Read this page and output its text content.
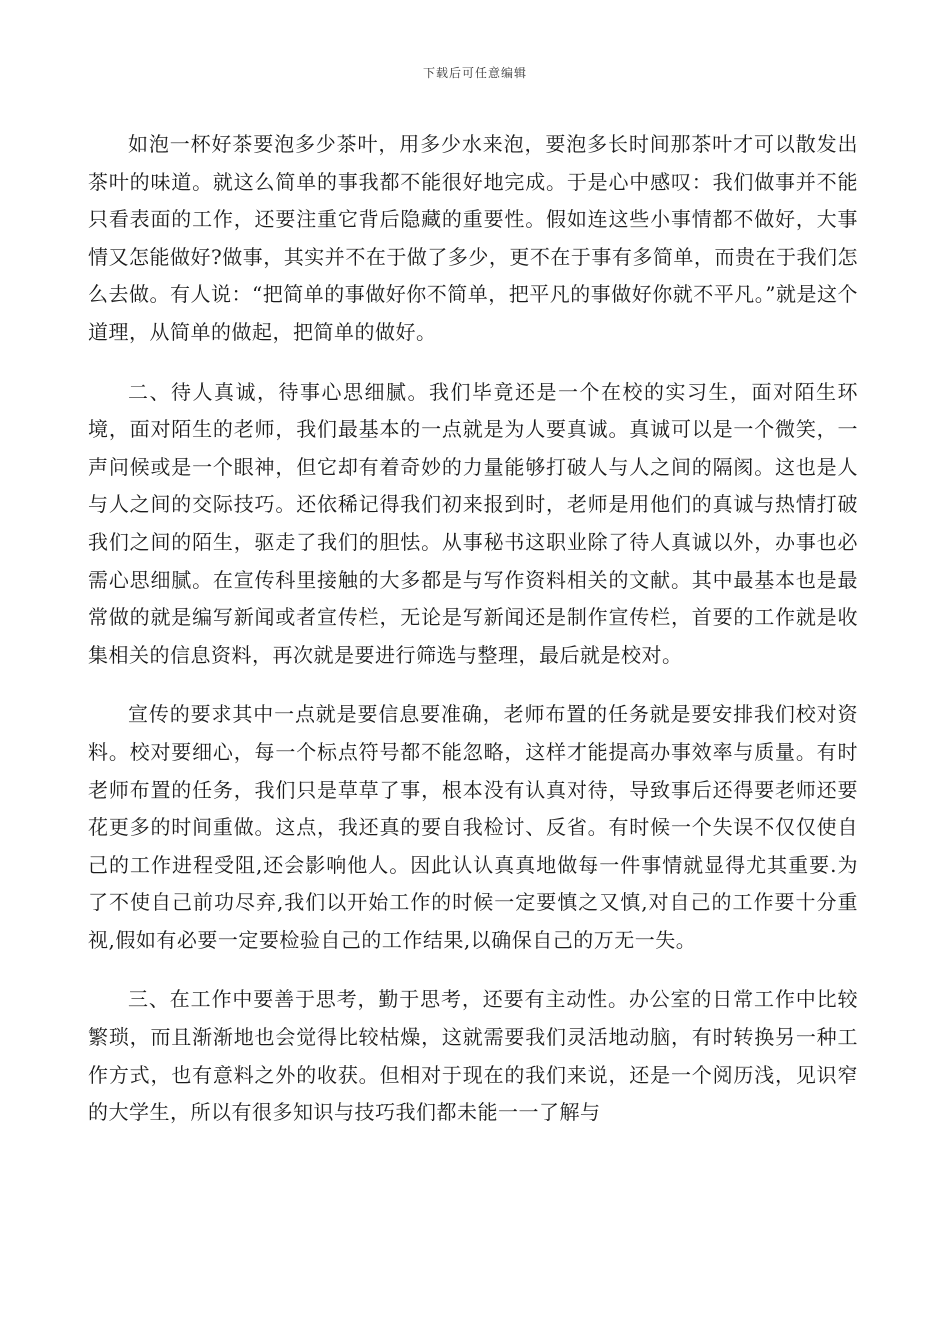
下载后可任意编辑

如泡一杯好茶要泡多少茶叶，用多少水来泡，要泡多长时间那茶叶才可以散发出茶叶的味道。就这么简单的事我都不能很好地完成。于是心中感叹：我们做事并不能只看表面的工作，还要注重它背后隐藏的重要性。假如连这些小事情都不做好，大事情又怎能做好?做事，其实并不在于做了多少，更不在于事有多简单，而贵在于我们怎么去做。有人说：“把简单的事做好你不简单，把平凡的事做好你就不平凡。”就是这个道理，从简单的做起，把简单的做好。

二、待人真诚，待事心思细腻。我们毕竟还是一个在校的实习生，面对陌生环境，面对陌生的老师，我们最基本的一点就是为人要真诚。真诚可以是一个微笑，一声问候或是一个眼神，但它却有着奇妙的力量能够打破人与人之间的隔阂。这也是人与人之间的交际技巧。还依稀记得我们初来报到时，老师是用他们的真诚与热情打破我们之间的陌生，驱走了我们的胆怯。从事秘书这职业除了待人真诚以外，办事也必需心思细腻。在宣传科里接触的大多都是与写作资料相关的文献。其中最基本也是最常做的就是编写新闻或者宣传栏，无论是写新闻还是制作宣传栏，首要的工作就是收集相关的信息资料，再次就是要进行筛选与整理，最后就是校对。

宣传的要求其中一点就是要信息要准确，老师布置的任务就是要安排我们校对资料。校对要细心，每一个标点符号都不能忽略，这样才能提高办事效率与质量。有时老师布置的任务，我们只是草草了事，根本没有认真对待，导致事后还得要老师还要花更多的时间重做。这点，我还真的要自我检讨、反省。有时候一个失误不仅仅使自己的工作进程受阻,还会影响他人。因此认认真真地做每一件事情就显得尤其重要.为了不使自己前功尽弃,我们以开始工作的时候一定要慎之又慎,对自己的工作要十分重视,假如有必要一定要检验自己的工作结果,以确保自己的万无一失。

三、在工作中要善于思考，勤于思考，还要有主动性。办公室的日常工作中比较繁琐，而且渐渐地也会觉得比较枯燥，这就需要我们灵活地动脑，有时转换另一种工作方式，也有意料之外的收获。但相对于现在的我们来说，还是一个阅历浅，见识窄的大学生，所以有很多知识与技巧我们都未能一一了解与
